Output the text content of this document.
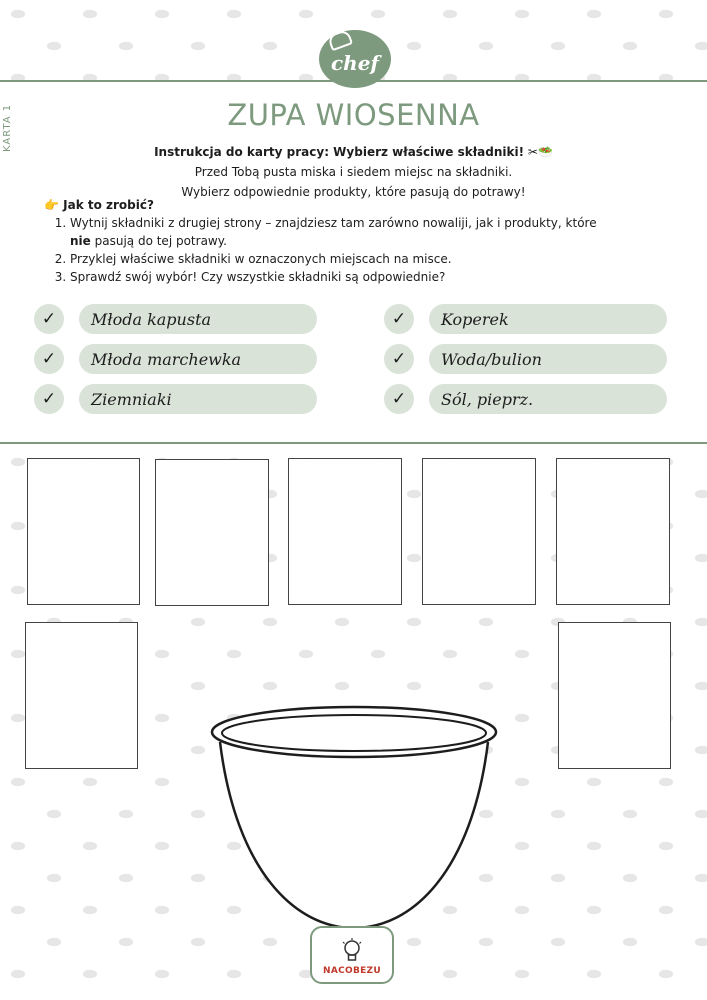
chef
KARTA 1	ZUPA WIOSENNA
Instrukcja do karty pracy: Wybierz właściwe składniki! ✂🥗
Przed Tobą pusta miska i siedem miejsc na składniki.
Wybierz odpowiednie produkty, które pasują do potrawy!
👉 Jak to zrobić?
1. Wytnij składniki z drugiej strony – znajdziesz tam zarówno nowaliji, jak i produkty, które
nie pasują do tej potrawy.
2. Przyklej właściwe składniki w oznaczonych miejscach na misce.
3. Sprawdź swój wybór! Czy wszystkie składniki są odpowiednie?
✓	Młoda kapusta
✓	Młoda marchewka
✓	Ziemniaki
✓	Koperek
✓	Woda/bulion
✓	Sól, pieprz.
NACOBEZU
